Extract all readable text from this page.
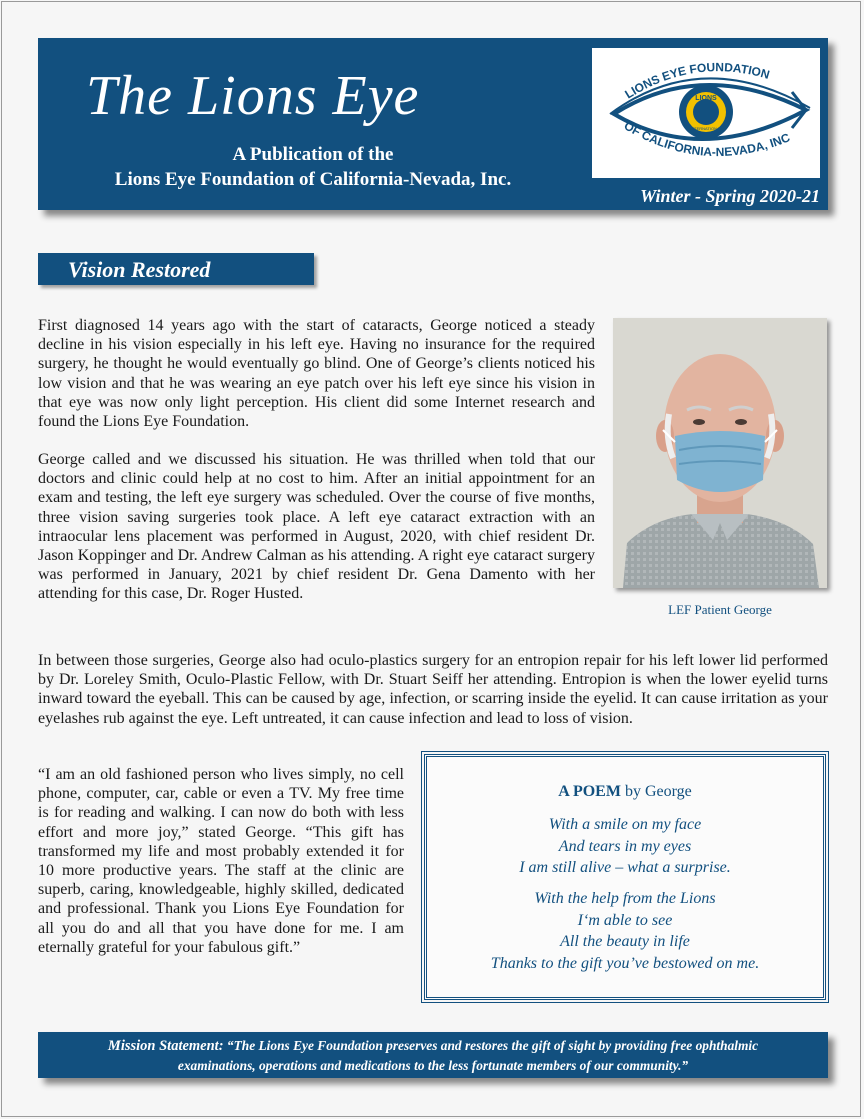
The Lions Eye
A Publication of the
Lions Eye Foundation of California-Nevada, Inc.
LIONS
INTERNATIONAL
LIONS EYE FOUNDATION
OF CALIFORNIA-NEVADA, INC
Winter - Spring 2020-21
Vision Restored

First diagnosed 14 years ago with the start of cataracts, George noticed a steady decline in his vision especially in his left eye. Having no insurance for the required surgery, he thought he would eventually go blind. One of George’s clients noticed his low vision and that he was wearing an eye patch over his left eye since his vision in that eye was now only light perception. His client did some Internet research and found the Lions Eye Foundation.

George called and we discussed his situation. He was thrilled when told that our doctors and clinic could help at no cost to him. After an initial appointment for an exam and testing, the left eye surgery was scheduled. Over the course of five months, three vision saving surgeries took place. A left eye cataract extraction with an intraocular lens placement was performed in August, 2020, with chief resident Dr. Jason Koppinger and Dr. Andrew Calman as his attending. A right eye cataract surgery was performed in January, 2021 by chief resident Dr. Gena Damento with her attending for this case, Dr. Roger Husted.

In between those surgeries, George also had oculo-plastics surgery for an entropion repair for his left lower lid performed by Dr. Loreley Smith, Oculo-Plastic Fellow, with Dr. Stuart Seiff her attending. Entropion is when the lower eyelid turns inward toward the eyeball. This can be caused by age, infection, or scarring inside the eyelid. It can cause irritation as your eyelashes rub against the eye. Left untreated, it can cause infection and lead to loss of vision.

“I am an old fashioned person who lives simply, no cell phone, computer, car, cable or even a TV. My free time is for reading and walking. I can now do both with less effort and more joy,” stated George. “This gift has transformed my life and most probably extended it for 10 more productive years. The staff at the clinic are superb, caring, knowledgeable, highly skilled, dedicated and professional. Thank you Lions Eye Foundation for all you do and all that you have done for me. I am eternally grateful for your fabulous gift.”

LEF Patient George
A POEM by George
With a smile on my face
And tears in my eyes
I am still alive – what a surprise.
With the help from the Lions
I‘m able to see
All the beauty in life
Thanks to the gift you’ve bestowed on me.
Mission Statement: “The Lions Eye Foundation preserves and restores the gift of sight by providing free ophthalmic examinations, operations and medications to the less fortunate members of our community.”
